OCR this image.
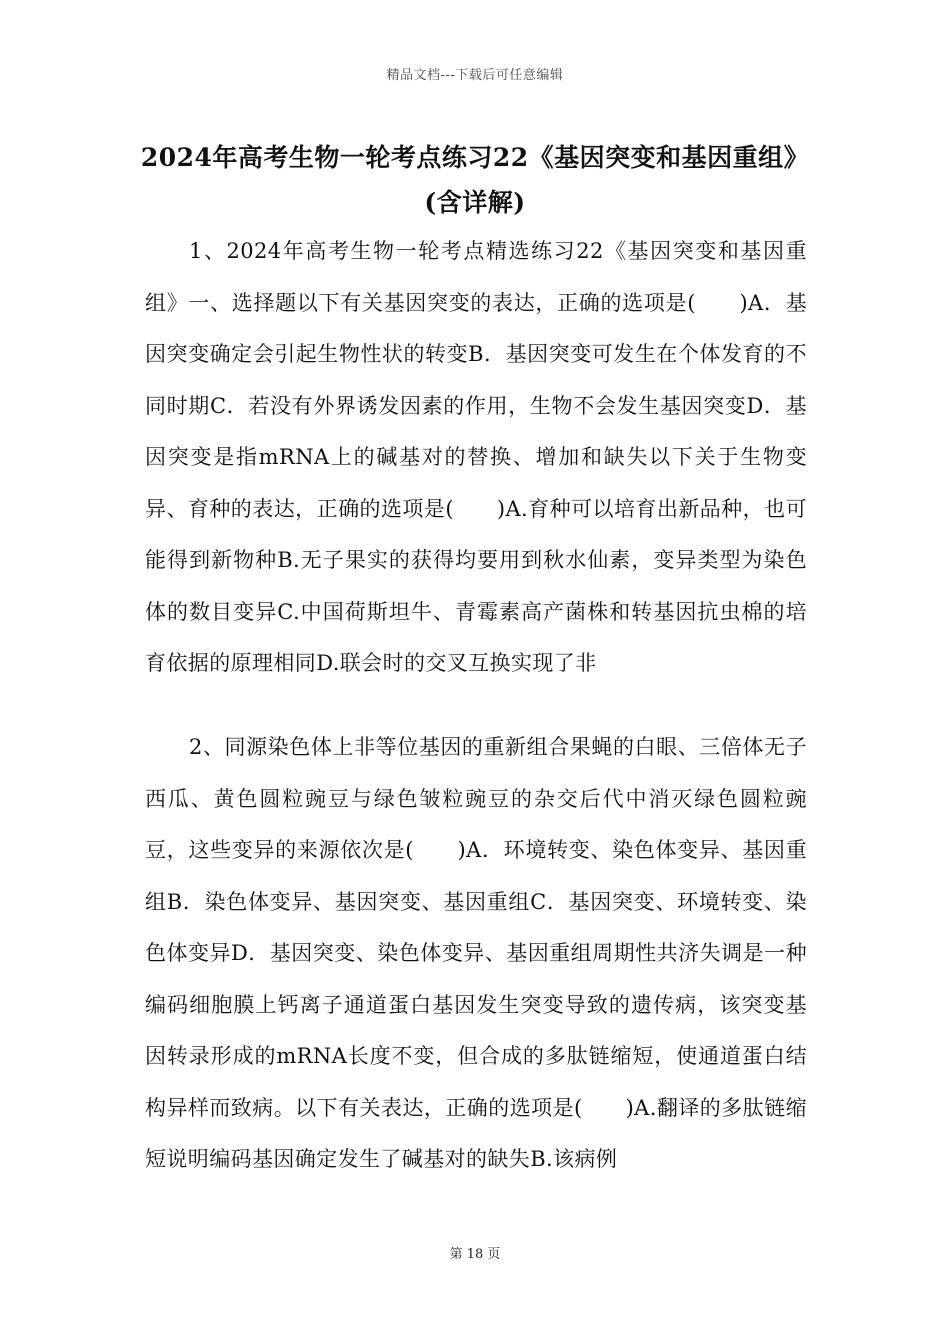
精品文档---下载后可任意编辑
2024年高考生物一轮考点练习22《基因突变和基因重组》
(含详解)
1、2024年高考生物一轮考点精选练习22《基因突变和基因重组》一、选择题以下有关基因突变的表达，正确的选项是(　　)A．基因突变确定会引起生物性状的转变B．基因突变可发生在个体发育的不同时期C．若没有外界诱发因素的作用，生物不会发生基因突变D．基因突变是指mRNA上的碱基对的替换、增加和缺失以下关于生物变异、育种的表达，正确的选项是(　　)A.育种可以培育出新品种，也可能得到新物种B.无子果实的获得均要用到秋水仙素，变异类型为染色体的数目变异C.中国荷斯坦牛、青霉素高产菌株和转基因抗虫棉的培育依据的原理相同D.联会时的交叉互换实现了非
2、同源染色体上非等位基因的重新组合果蝇的白眼、三倍体无子西瓜、黄色圆粒豌豆与绿色皱粒豌豆的杂交后代中消灭绿色圆粒豌豆，这些变异的来源依次是(　　)A．环境转变、染色体变异、基因重组B．染色体变异、基因突变、基因重组C．基因突变、环境转变、染色体变异D．基因突变、染色体变异、基因重组周期性共济失调是一种编码细胞膜上钙离子通道蛋白基因发生突变导致的遗传病，该突变基因转录形成的mRNA长度不变，但合成的多肽链缩短，使通道蛋白结构异样而致病。以下有关表达，正确的选项是(　　)A.翻译的多肽链缩短说明编码基因确定发生了碱基对的缺失B.该病例
第 18 页
